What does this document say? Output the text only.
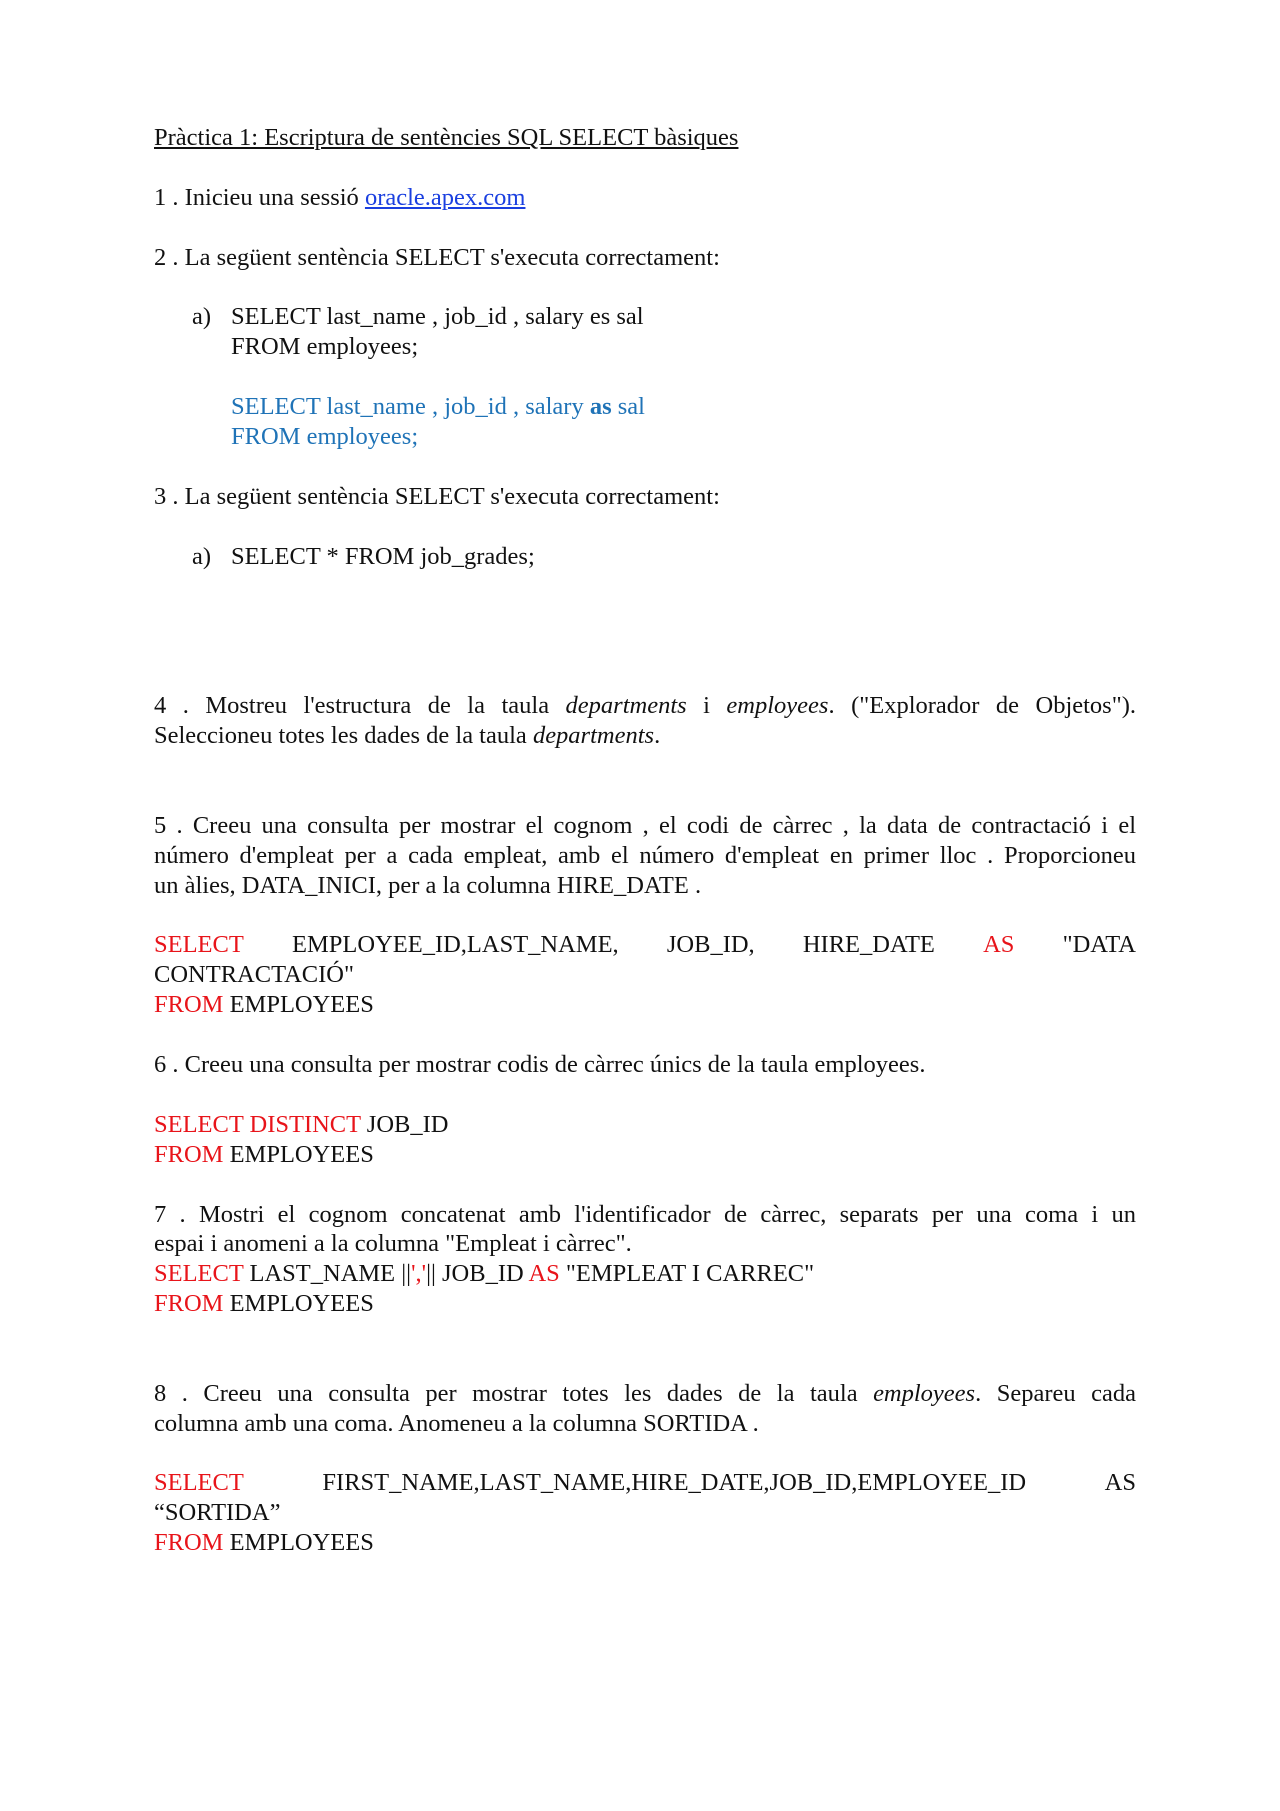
Pràctica 1: Escriptura de sentències SQL SELECT bàsiques
1 . Inicieu una sessió oracle.apex.com
2 . La següent sentència SELECT s'executa correctament:
a) SELECT last_name , job_id , salary es sal
FROM employees;
SELECT last_name , job_id , salary as sal
FROM employees;
3 . La següent sentència SELECT s'executa correctament:
a) SELECT * FROM job_grades;
4 . Mostreu l'estructura de la taula departments i employees. ("Explorador de Objetos").
Seleccioneu totes les dades de la taula departments.
5 . Creeu una consulta per mostrar el cognom , el codi de càrrec , la data de contractació i el
número d'empleat per a cada empleat, amb el número d'empleat en primer lloc . Proporcioneu
un àlies, DATA_INICI, per a la columna HIRE_DATE .
SELECT EMPLOYEE_ID,LAST_NAME, JOB_ID, HIRE_DATE AS "DATA
CONTRACTACIÓ"
FROM EMPLOYEES
6 . Creeu una consulta per mostrar codis de càrrec únics de la taula employees.
SELECT DISTINCT JOB_ID
FROM EMPLOYEES
7 . Mostri el cognom concatenat amb l'identificador de càrrec, separats per una coma i un
espai i anomeni a la columna "Empleat i càrrec".
SELECT LAST_NAME ||','|| JOB_ID AS "EMPLEAT I CARREC"
FROM EMPLOYEES
8 . Creeu una consulta per mostrar totes les dades de la taula employees. Separeu cada
columna amb una coma. Anomeneu a la columna SORTIDA .
SELECT	FIRST_NAME,LAST_NAME,HIRE_DATE,JOB_ID,EMPLOYEE_ID	AS
“SORTIDA”
FROM EMPLOYEES
